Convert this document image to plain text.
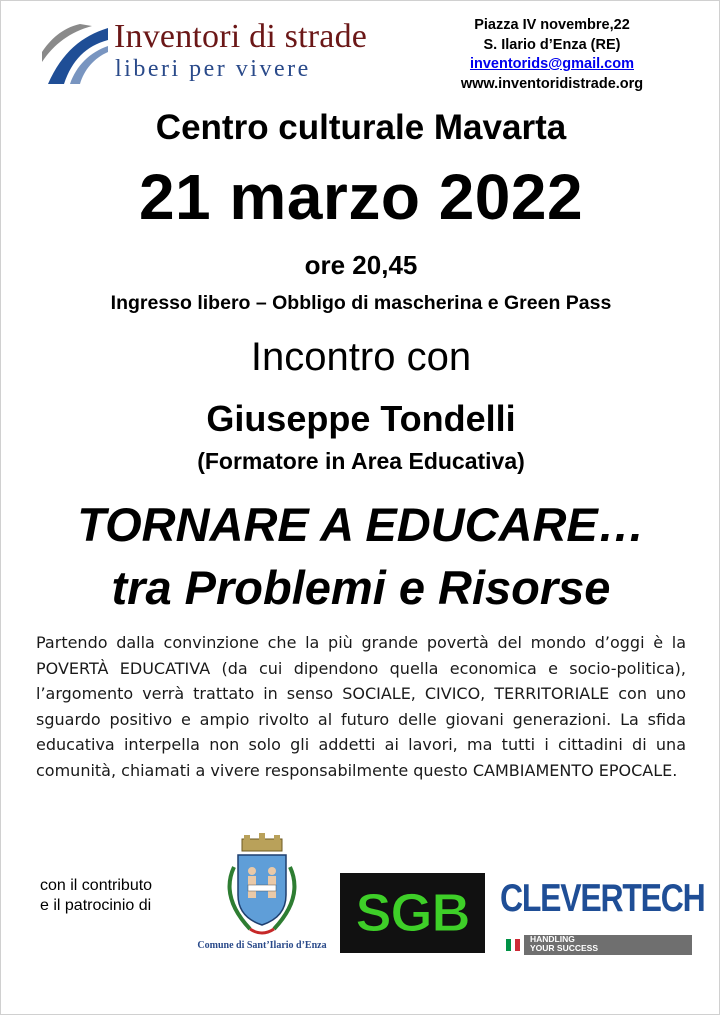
Inventori di strade
liberi per vivere
Piazza IV novembre,22
S. Ilario d’Enza (RE)
inventorids@gmail.com
www.inventoridistrade.org
Centro culturale Mavarta
21 marzo 2022
ore 20,45
Ingresso libero – Obbligo di mascherina e Green Pass
Incontro con
Giuseppe Tondelli
(Formatore in Area Educativa)
TORNARE A EDUCARE…
tra Problemi e Risorse
Partendo dalla convinzione che la più grande povertà del mondo d’oggi è la POVERTÀ EDUCATIVA (da cui dipendono quella economica e socio-politica), l’argomento verrà trattato in senso SOCIALE, CIVICO, TERRITORIALE con uno sguardo positivo e ampio rivolto al futuro delle giovani generazioni. La sfida educativa interpella non solo gli addetti ai lavori, ma tutti i cittadini di una comunità, chiamati a vivere responsabilmente questo CAMBIAMENTO EPOCALE.
con il contributo
e il patrocinio di
Comune di Sant’Ilario d’Enza
SGB CLEVERTECH
HANDLING
YOUR SUCCESS
